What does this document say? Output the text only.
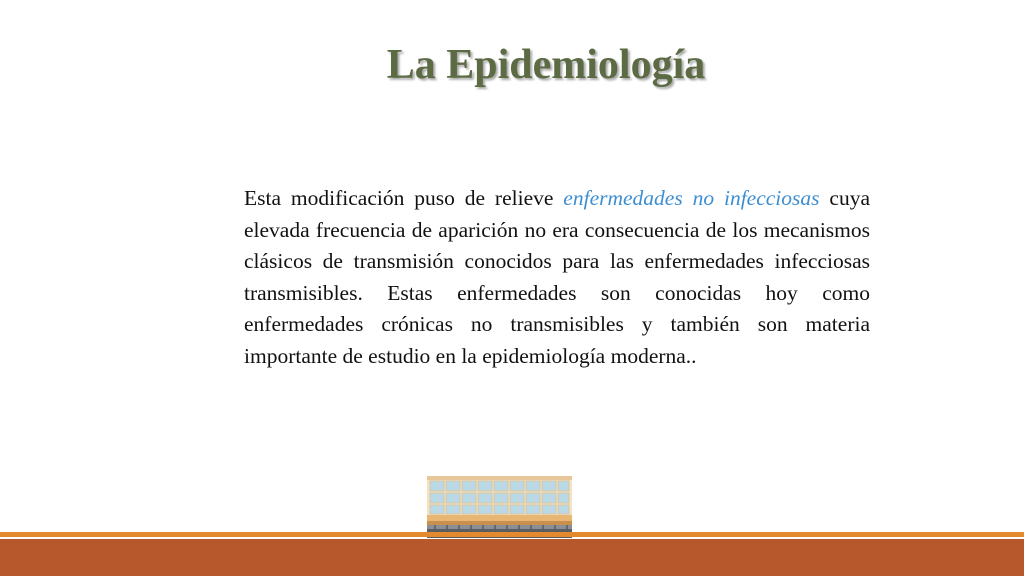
La Epidemiología

Esta modificación puso de relieve enfermedades no infecciosas cuya elevada frecuencia de aparición no era consecuencia de los mecanismos clásicos de transmisión conocidos para las enfermedades infecciosas transmisibles. Estas enfermedades son conocidas hoy como enfermedades crónicas no transmisibles y también son materia importante de estudio en la epidemiología moderna..
